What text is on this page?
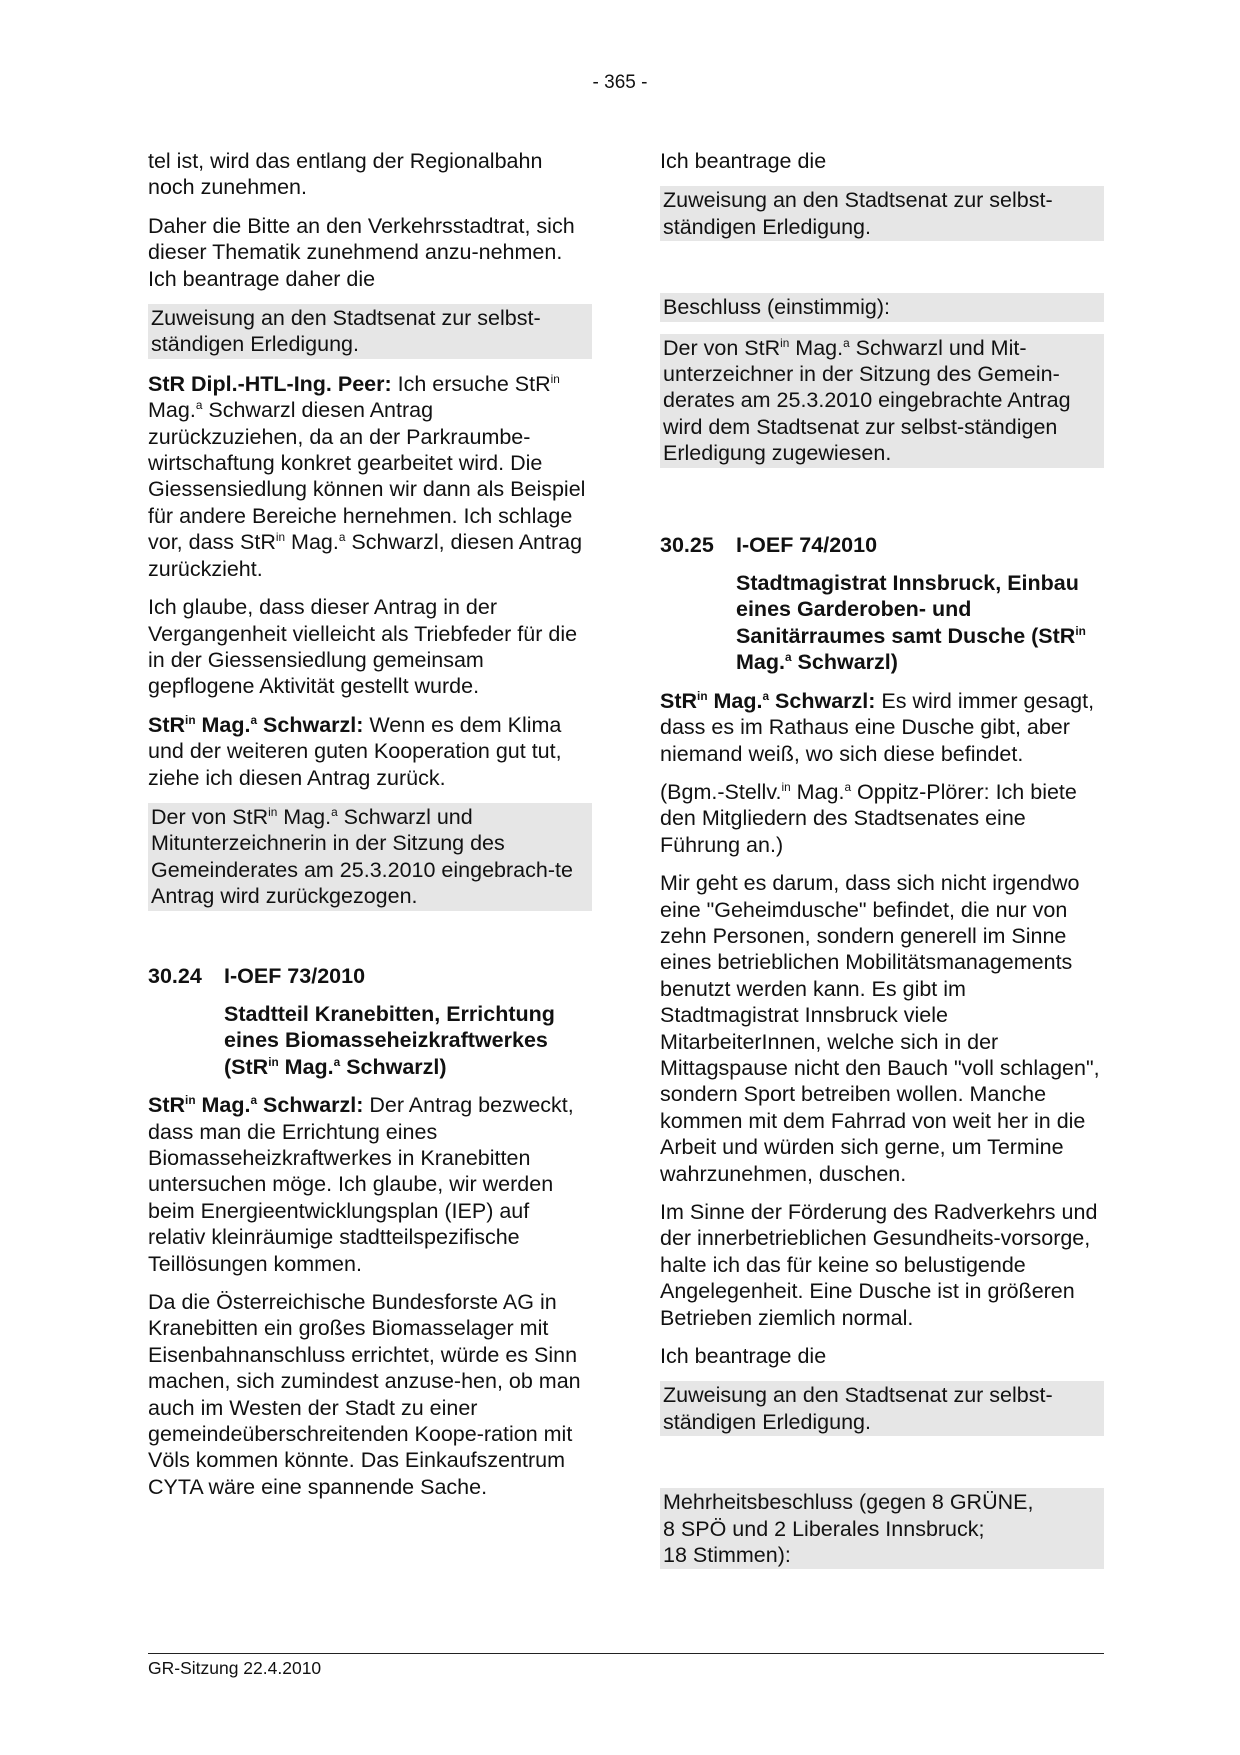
- 365 -

tel ist, wird das entlang der Regionalbahn noch zunehmen.

Daher die Bitte an den Verkehrsstadtrat, sich dieser Thematik zunehmend anzu-nehmen. Ich beantrage daher die

Zuweisung an den Stadtsenat zur selbst-ständigen Erledigung.

StR Dipl.-HTL-Ing. Peer: Ich ersuche StR$^{in}$ Mag.$^a$ Schwarzl diesen Antrag zurückzuziehen, da an der Parkraumbe-wirtschaftung konkret gearbeitet wird. Die Giessensiedlung können wir dann als Beispiel für andere Bereiche hernehmen. Ich schlage vor, dass StR$^{in}$ Mag.$^a$ Schwarzl, diesen Antrag zurückzieht.

Ich glaube, dass dieser Antrag in der Vergangenheit vielleicht als Triebfeder für die in der Giessensiedlung gemeinsam gepflogene Aktivität gestellt wurde.

StR$^{in}$ Mag.$^a$ Schwarzl: Wenn es dem Klima und der weiteren guten Kooperation gut tut, ziehe ich diesen Antrag zurück.

Der von StR$^{in}$ Mag.$^a$ Schwarzl und Mitunterzeichnerin in der Sitzung des Gemeinderates am 25.3.2010 eingebrach-te Antrag wird zurückgezogen.
30.24 I-OEF 73/2010
Stadtteil Kranebitten, Errichtung eines Biomasseheizkraftwerkes (StR$^{in}$ Mag.$^a$ Schwarzl)

StR$^{in}$ Mag.$^a$ Schwarzl: Der Antrag bezweckt, dass man die Errichtung eines Biomasseheizkraftwerkes in Kranebitten untersuchen möge. Ich glaube, wir werden beim Energieentwicklungsplan (IEP) auf relativ kleinräumige stadtteilspezifische Teillösungen kommen.

Da die Österreichische Bundesforste AG in Kranebitten ein großes Biomasselager mit Eisenbahnanschluss errichtet, würde es Sinn machen, sich zumindest anzuse-hen, ob man auch im Westen der Stadt zu einer gemeindeüberschreitenden Koope-ration mit Völs kommen könnte. Das Einkaufszentrum CYTA wäre eine spannende Sache.

Ich beantrage die

Zuweisung an den Stadtsenat zur selbst-ständigen Erledigung.
Beschluss (einstimmig):
Der von StR$^{in}$ Mag.$^a$ Schwarzl und Mit-unterzeichner in der Sitzung des Gemein-derates am 25.3.2010 eingebrachte Antrag wird dem Stadtsenat zur selbst-ständigen Erledigung zugewiesen.
30.25 I-OEF 74/2010
Stadtmagistrat Innsbruck, Einbau eines Garderoben- und Sanitärraumes samt Dusche (StR$^{in}$ Mag.$^a$ Schwarzl)

StR$^{in}$ Mag.$^a$ Schwarzl: Es wird immer gesagt, dass es im Rathaus eine Dusche gibt, aber niemand weiß, wo sich diese befindet.

(Bgm.-Stellv.$^{in}$ Mag.$^a$ Oppitz-Plörer: Ich biete den Mitgliedern des Stadtsenates eine Führung an.)

Mir geht es darum, dass sich nicht irgendwo eine "Geheimdusche" befindet, die nur von zehn Personen, sondern generell im Sinne eines betrieblichen Mobilitätsmanagements benutzt werden kann. Es gibt im Stadtmagistrat Innsbruck viele MitarbeiterInnen, welche sich in der Mittagspause nicht den Bauch "voll schlagen", sondern Sport betreiben wollen. Manche kommen mit dem Fahrrad von weit her in die Arbeit und würden sich gerne, um Termine wahrzunehmen, duschen.

Im Sinne der Förderung des Radverkehrs und der innerbetrieblichen Gesundheits-vorsorge, halte ich das für keine so belustigende Angelegenheit. Eine Dusche ist in größeren Betrieben ziemlich normal.

Ich beantrage die

Zuweisung an den Stadtsenat zur selbst-ständigen Erledigung.
Mehrheitsbeschluss (gegen 8 GRÜNE,
8 SPÖ und 2 Liberales Innsbruck;
18 Stimmen):
GR-Sitzung 22.4.2010
